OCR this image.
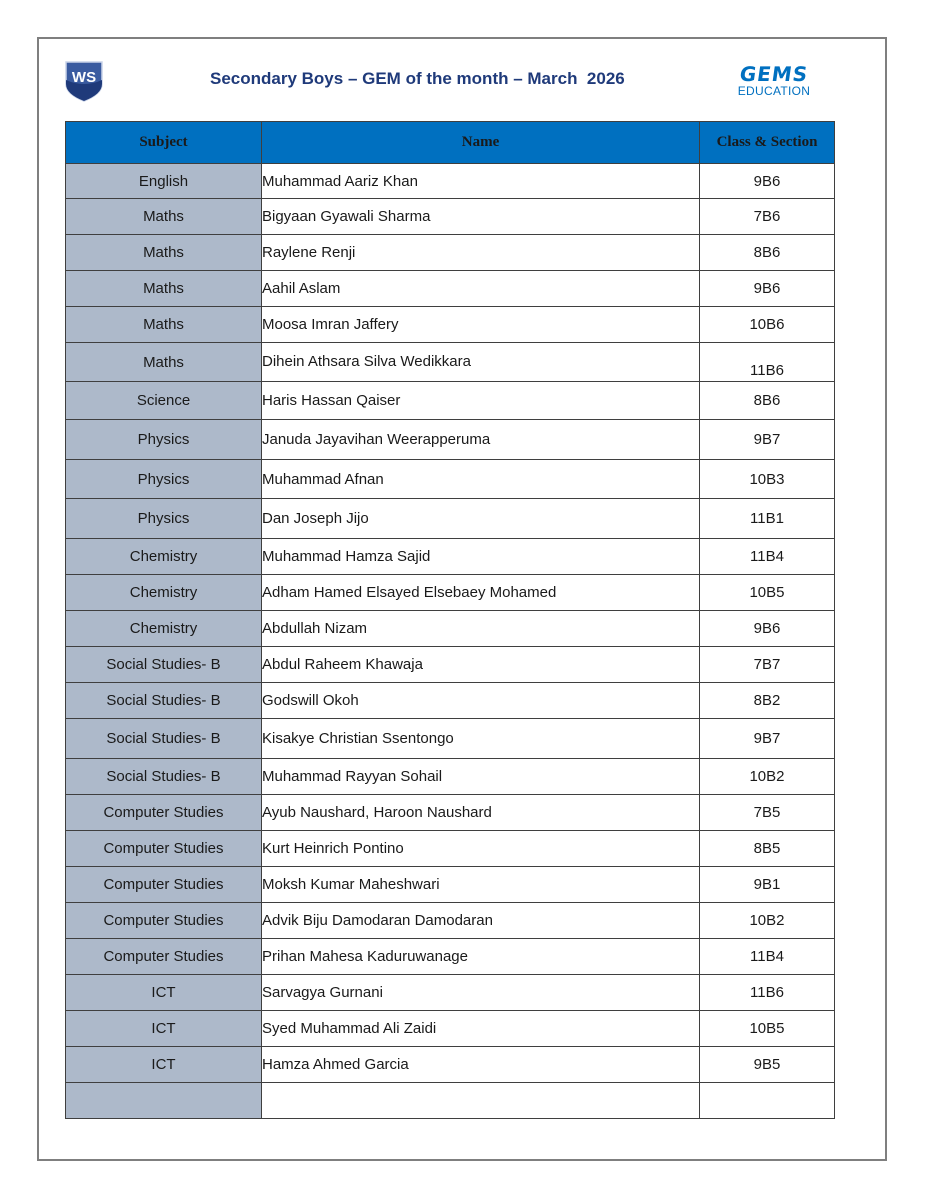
WS	Secondary Boys – GEM of the month – March  2026	GEMS
EDUCATION
Subject	Name	Class & Section
English	Muhammad Aariz Khan	9B6
Maths	Bigyaan Gyawali Sharma	7B6
Maths	Raylene Renji	8B6
Maths	Aahil Aslam	9B6
Maths	Moosa Imran Jaffery	10B6
Maths	Dihein Athsara Silva Wedikkara	11B6
Science	Haris Hassan Qaiser	8B6
Physics	Januda Jayavihan Weerapperuma	9B7
Physics	Muhammad Afnan	10B3
Physics	Dan Joseph Jijo	11B1
Chemistry	Muhammad Hamza Sajid	11B4
Chemistry	Adham Hamed Elsayed Elsebaey Mohamed	10B5
Chemistry	Abdullah Nizam	9B6
Social Studies- B	Abdul Raheem Khawaja	7B7
Social Studies- B	Godswill Okoh	8B2
Social Studies- B	Kisakye Christian Ssentongo	9B7
Social Studies- B	Muhammad Rayyan Sohail	10B2
Computer Studies	Ayub Naushard, Haroon Naushard	7B5
Computer Studies	Kurt Heinrich Pontino	8B5
Computer Studies	Moksh Kumar Maheshwari	9B1
Computer Studies	Advik Biju Damodaran Damodaran	10B2
Computer Studies	Prihan Mahesa Kaduruwanage	11B4
ICT	Sarvagya Gurnani	11B6
ICT	Syed Muhammad Ali Zaidi	10B5
ICT	Hamza Ahmed Garcia	9B5
